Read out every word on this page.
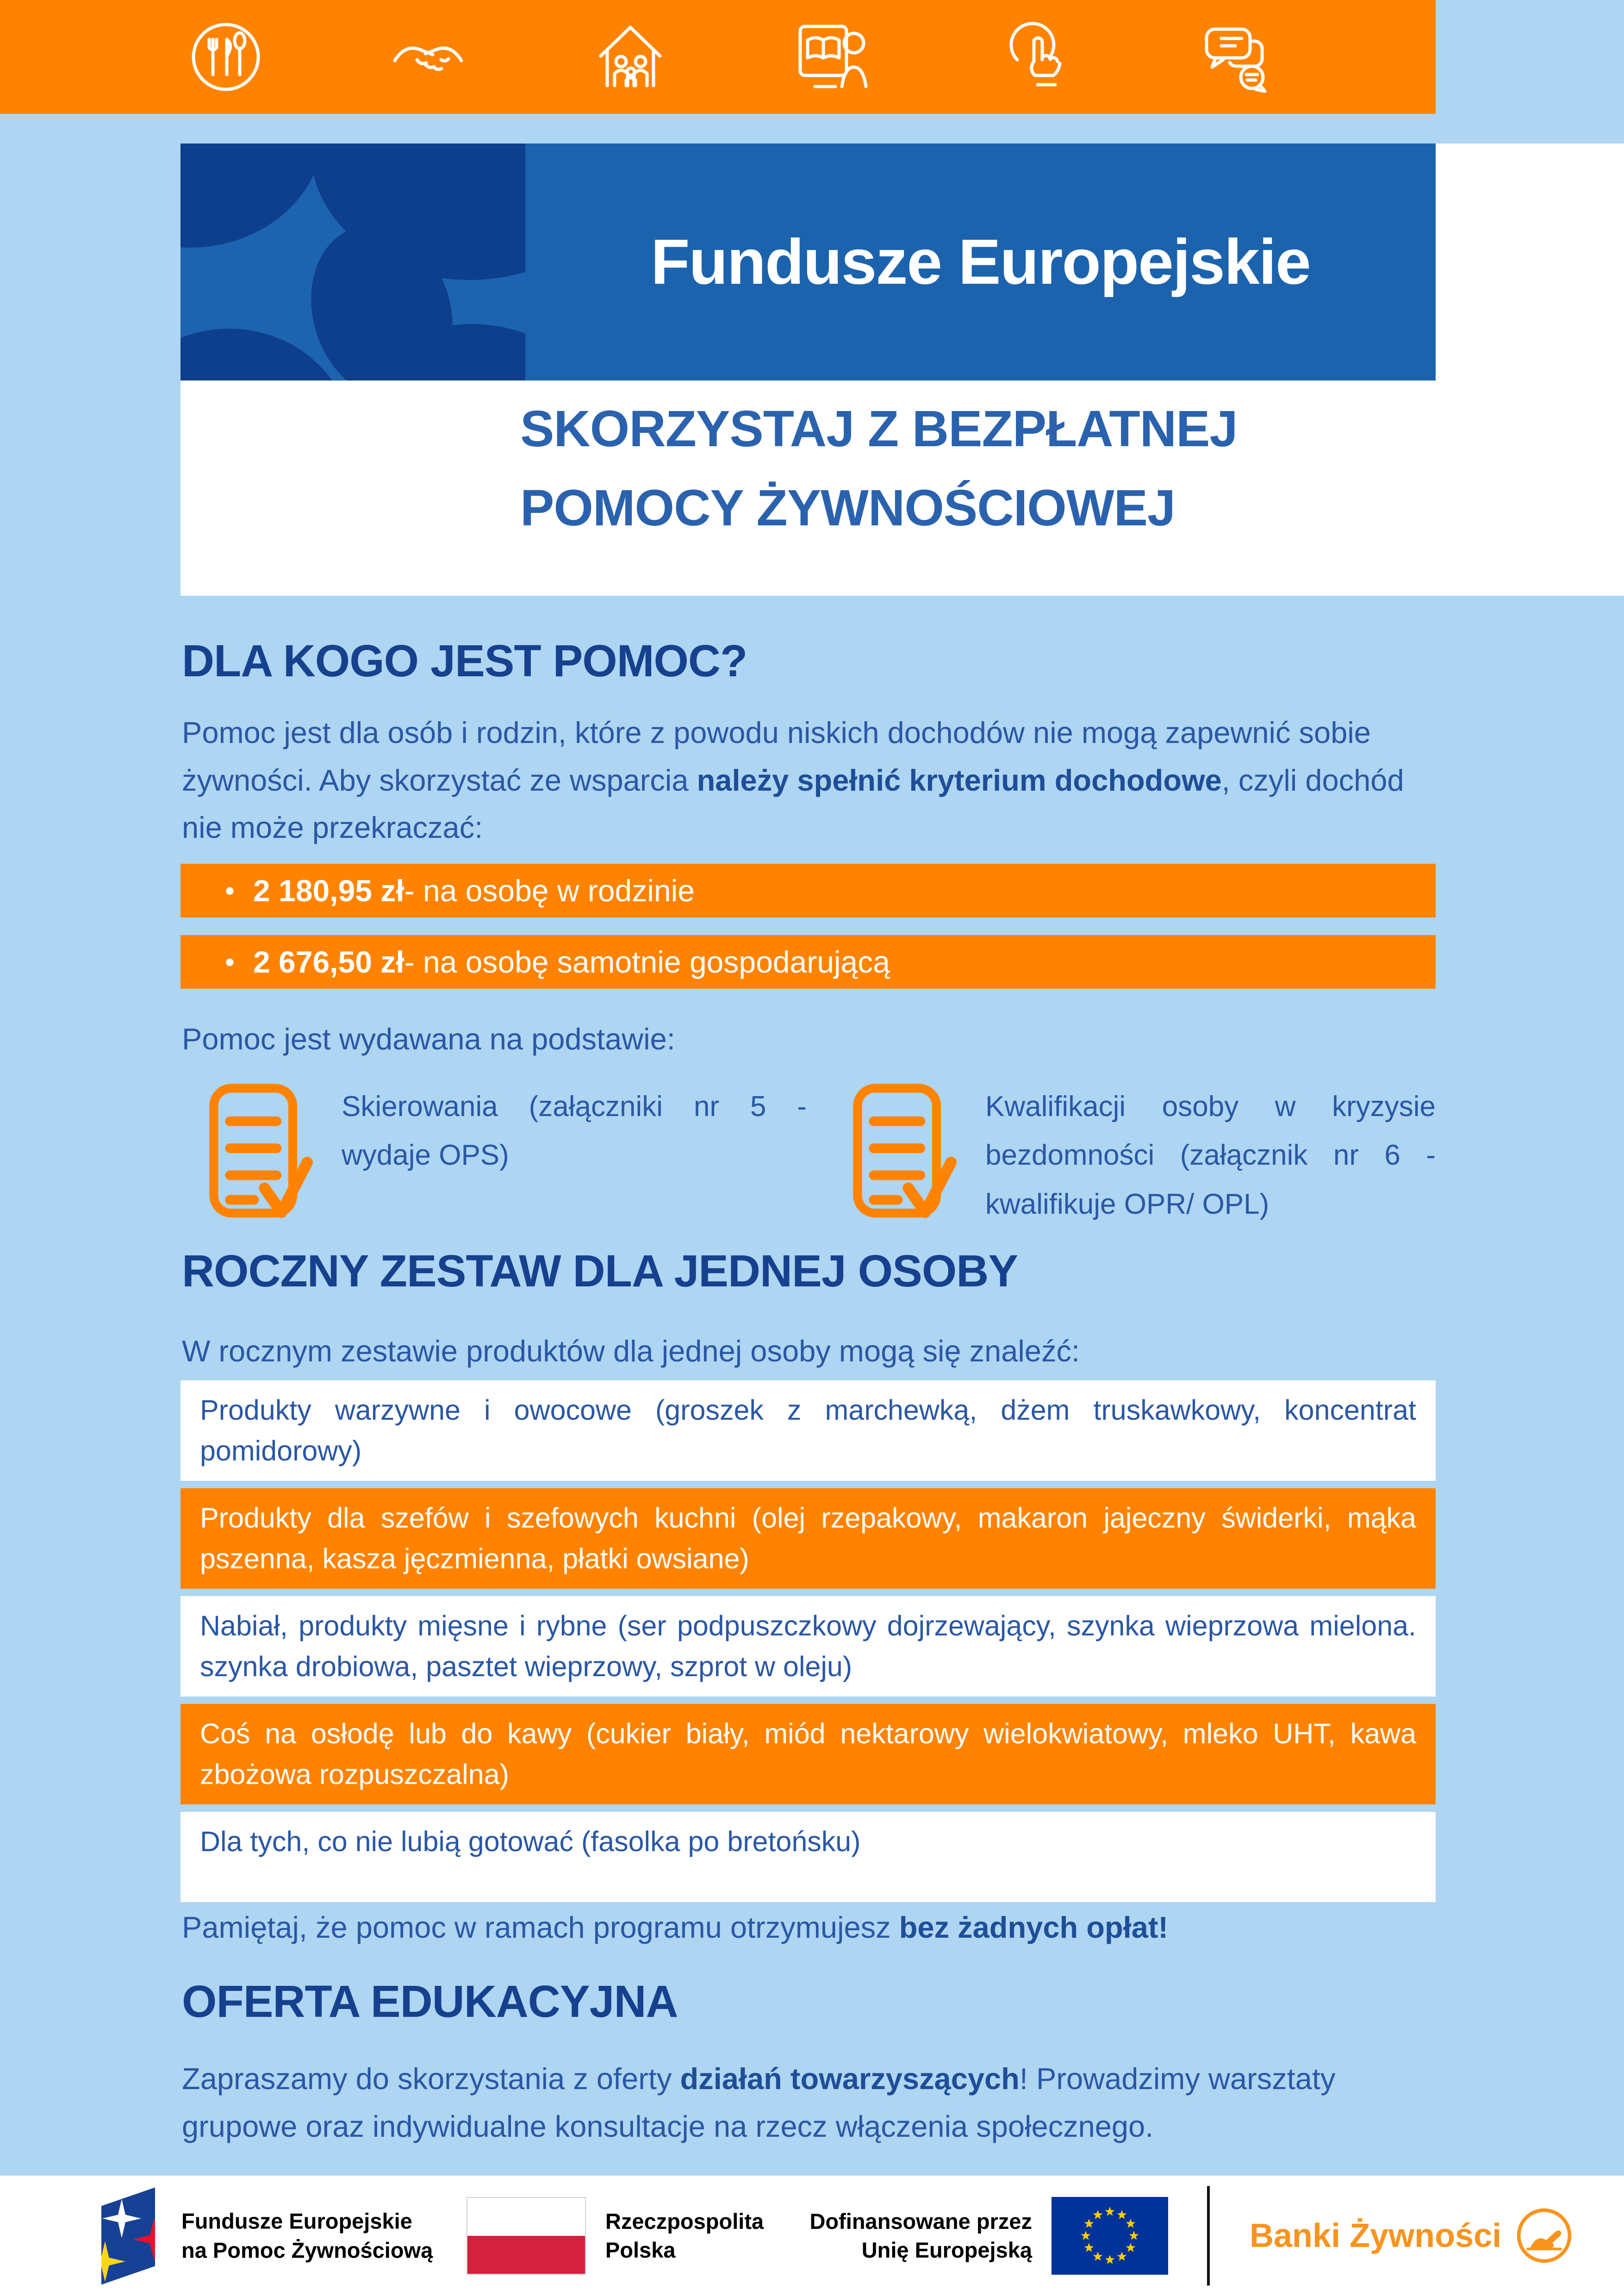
Fundusze Europejskie
SKORZYSTAJ Z BEZPŁATNEJ
POMOCY ŻYWNOŚCIOWEJ
DLA KOGO JEST POMOC?
Pomoc jest dla osób i rodzin, które z powodu niskich dochodów nie mogą zapewnić sobie żywności. Aby skorzystać ze wsparcia należy spełnić kryterium dochodowe, czyli dochód nie może przekraczać:
• 2 180,95 zł - na osobę w rodzinie
• 2 676,50 zł - na osobę samotnie gospodarującą
Pomoc jest wydawana na podstawie:
Skierowania (załączniki nr 5 - wydaje OPS)
Kwalifikacji osoby w kryzysie bezdomności (załącznik nr 6 - kwalifikuje OPR/ OPL)
ROCZNY ZESTAW DLA JEDNEJ OSOBY
W rocznym zestawie produktów dla jednej osoby mogą się znaleźć:
Produkty warzywne i owocowe (groszek z marchewką, dżem truskawkowy, koncentrat pomidorowy)
Produkty dla szefów i szefowych kuchni (olej rzepakowy, makaron jajeczny świderki, mąka pszenna, kasza jęczmienna, płatki owsiane)
Nabiał, produkty mięsne i rybne (ser podpuszczkowy dojrzewający, szynka wieprzowa mielona. szynka drobiowa, pasztet wieprzowy, szprot w oleju)
Coś na osłodę lub do kawy (cukier biały, miód nektarowy wielokwiatowy, mleko UHT, kawa zbożowa rozpuszczalna)
Dla tych, co nie lubią gotować (fasolka po bretońsku)
Pamiętaj, że pomoc w ramach programu otrzymujesz bez żadnych opłat!
OFERTA EDUKACYJNA
Zapraszamy do skorzystania z oferty działań towarzyszących! Prowadzimy warsztaty grupowe oraz indywidualne konsultacje na rzecz włączenia społecznego.
Fundusze Europejskie
na Pomoc Żywnościową
Rzeczpospolita
Polska
Dofinansowane przez
Unię Europejską	Banki Żywności
